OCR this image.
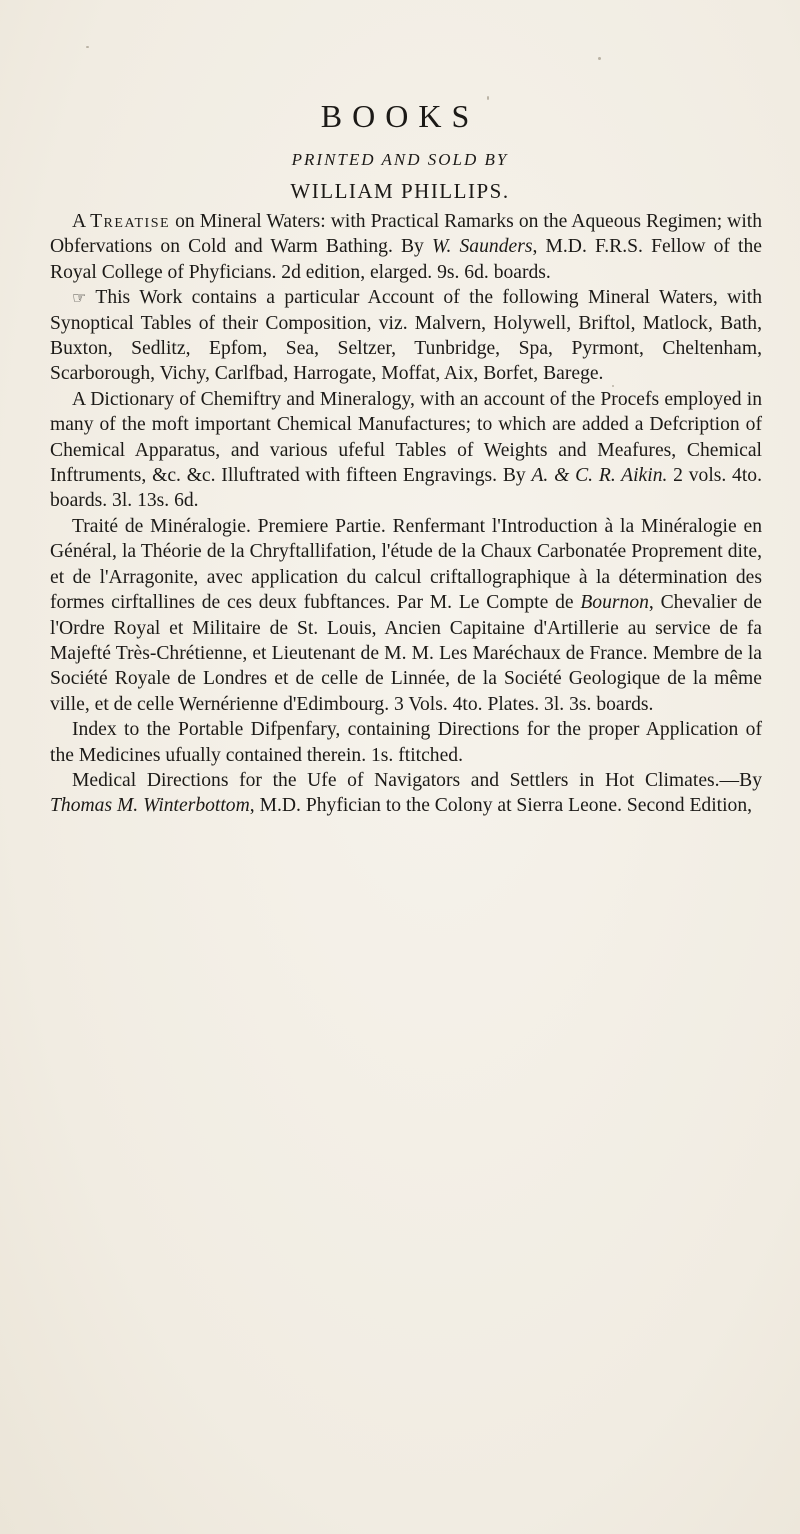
BOOKS
PRINTED AND SOLD BY
WILLIAM PHILLIPS.

A Treatise on Mineral Waters: with Practical Ramarks on the Aqueous Regimen; with Obfervations on Cold and Warm Bathing. By W. Saunders, M.D. F.R.S. Fellow of the Royal College of Phyficians. 2d edition, elarged. 9s. 6d. boards.

☞ This Work contains a particular Account of the following Mineral Waters, with Synoptical Tables of their Composition, viz. Malvern, Holywell, Briftol, Matlock, Bath, Buxton, Sedlitz, Epfom, Sea, Seltzer, Tunbridge, Spa, Pyrmont, Cheltenham, Scarborough, Vichy, Carlfbad, Harrogate, Moffat, Aix, Borfet, Barege.

A Dictionary of Chemiftry and Mineralogy, with an account of the Procefs employed in many of the moft important Chemical Manufactures; to which are added a Defcription of Chemical Apparatus, and various ufeful Tables of Weights and Meafures, Chemical Inftruments, &c. &c. Illuftrated with fifteen Engravings. By A. & C. R. Aikin. 2 vols. 4to. boards. 3l. 13s. 6d.

Traité de Minéralogie. Premiere Partie. Renfermant l'Introduction à la Minéralogie en Général, la Théorie de la Chryftallifation, l'étude de la Chaux Carbonatée Proprement dite, et de l'Arragonite, avec application du calcul criftallographique à la détermination des formes cirftallines de ces deux fubftances. Par M. Le Compte de Bournon, Chevalier de l'Ordre Royal et Militaire de St. Louis, Ancien Capitaine d'Artillerie au service de fa Majefté Très-Chrétienne, et Lieutenant de M. M. Les Maréchaux de France. Membre de la Société Royale de Londres et de celle de Linnée, de la Société Geologique de la même ville, et de celle Wernérienne d'Edimbourg. 3 Vols. 4to. Plates. 3l. 3s. boards.

Index to the Portable Difpenfary, containing Directions for the proper Application of the Medicines ufually contained therein. 1s. ftitched.

Medical Directions for the Ufe of Navigators and Settlers in Hot Climates.—By Thomas M. Winterbottom, M.D. Phyfician to the Colony at Sierra Leone. Second Edition,
